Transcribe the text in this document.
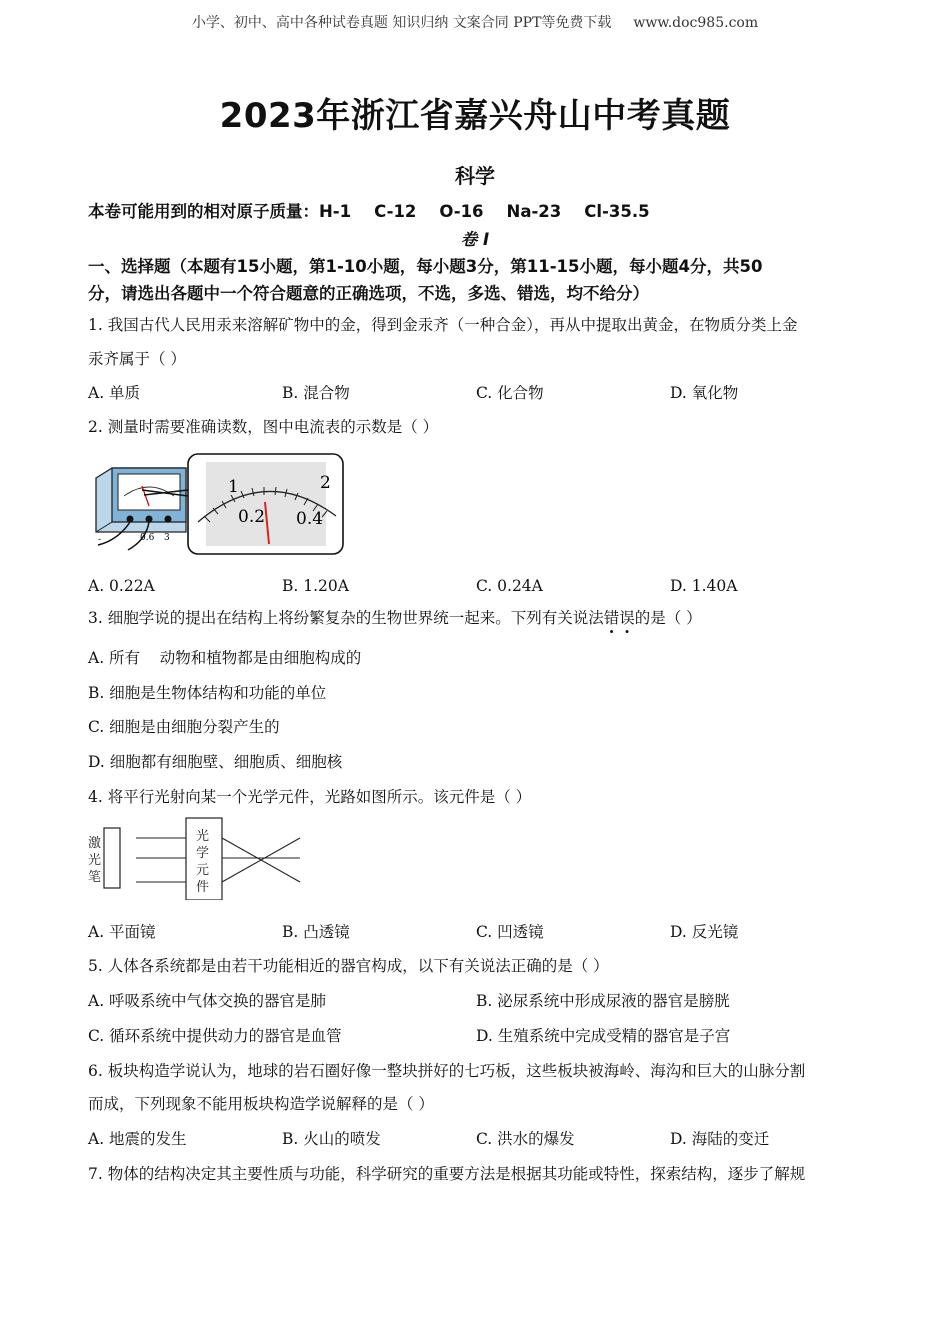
小学、初中、高中各种试卷真题 知识归纳 文案合同 PPT等免费下载 www.doc985.com
2023年浙江省嘉兴舟山中考真题
科学
本卷可能用到的相对原子质量：H-1    C-12    O-16    Na-23    Cl-35.5
卷 I
一、选择题（本题有15小题，第1-10小题，每小题3分，第11-15小题，每小题4分，共50
分，请选出各题中一个符合题意的正确选项，不选，多选、错选，均不给分）
1. 我国古代人民用汞来溶解矿物中的金，得到金汞齐（一种合金），再从中提取出黄金，在物质分类上金
汞齐属于（ ）
A. 单质	B. 混合物	C. 化合物	D. 氧化物
2. 测量时需要准确读数，图中电流表的示数是（ ）
-	0.6 3
1	2
0.2 0.4
A. 0.22A	B. 1.20A	C. 0.24A	D. 1.40A
3. 细胞学说的提出在结构上将纷繁复杂的生物世界统一起来。下列有关说法错误的是（ ）
A. 所有    动物和植物都是由细胞构成的
B. 细胞是生物体结构和功能的单位
C. 细胞是由细胞分裂产生的
D. 细胞都有细胞壁、细胞质、细胞核
4. 将平行光射向某一个光学元件，光路如图所示。该元件是（ ）
激
光
笔
光
学
元
件
A. 平面镜	B. 凸透镜	C. 凹透镜	D. 反光镜
5. 人体各系统都是由若干功能相近的器官构成，以下有关说法正确的是（ ）
A. 呼吸系统中气体交换的器官是肺	B. 泌尿系统中形成尿液的器官是膀胱
C. 循环系统中提供动力的器官是血管	D. 生殖系统中完成受精的器官是子宫
6. 板块构造学说认为，地球的岩石圈好像一整块拼好的七巧板，这些板块被海岭、海沟和巨大的山脉分割
而成，下列现象不能用板块构造学说解释的是（ ）
A. 地震的发生	B. 火山的喷发	C. 洪水的爆发	D. 海陆的变迁
7. 物体的结构决定其主要性质与功能，科学研究的重要方法是根据其功能或特性，探索结构，逐步了解规
